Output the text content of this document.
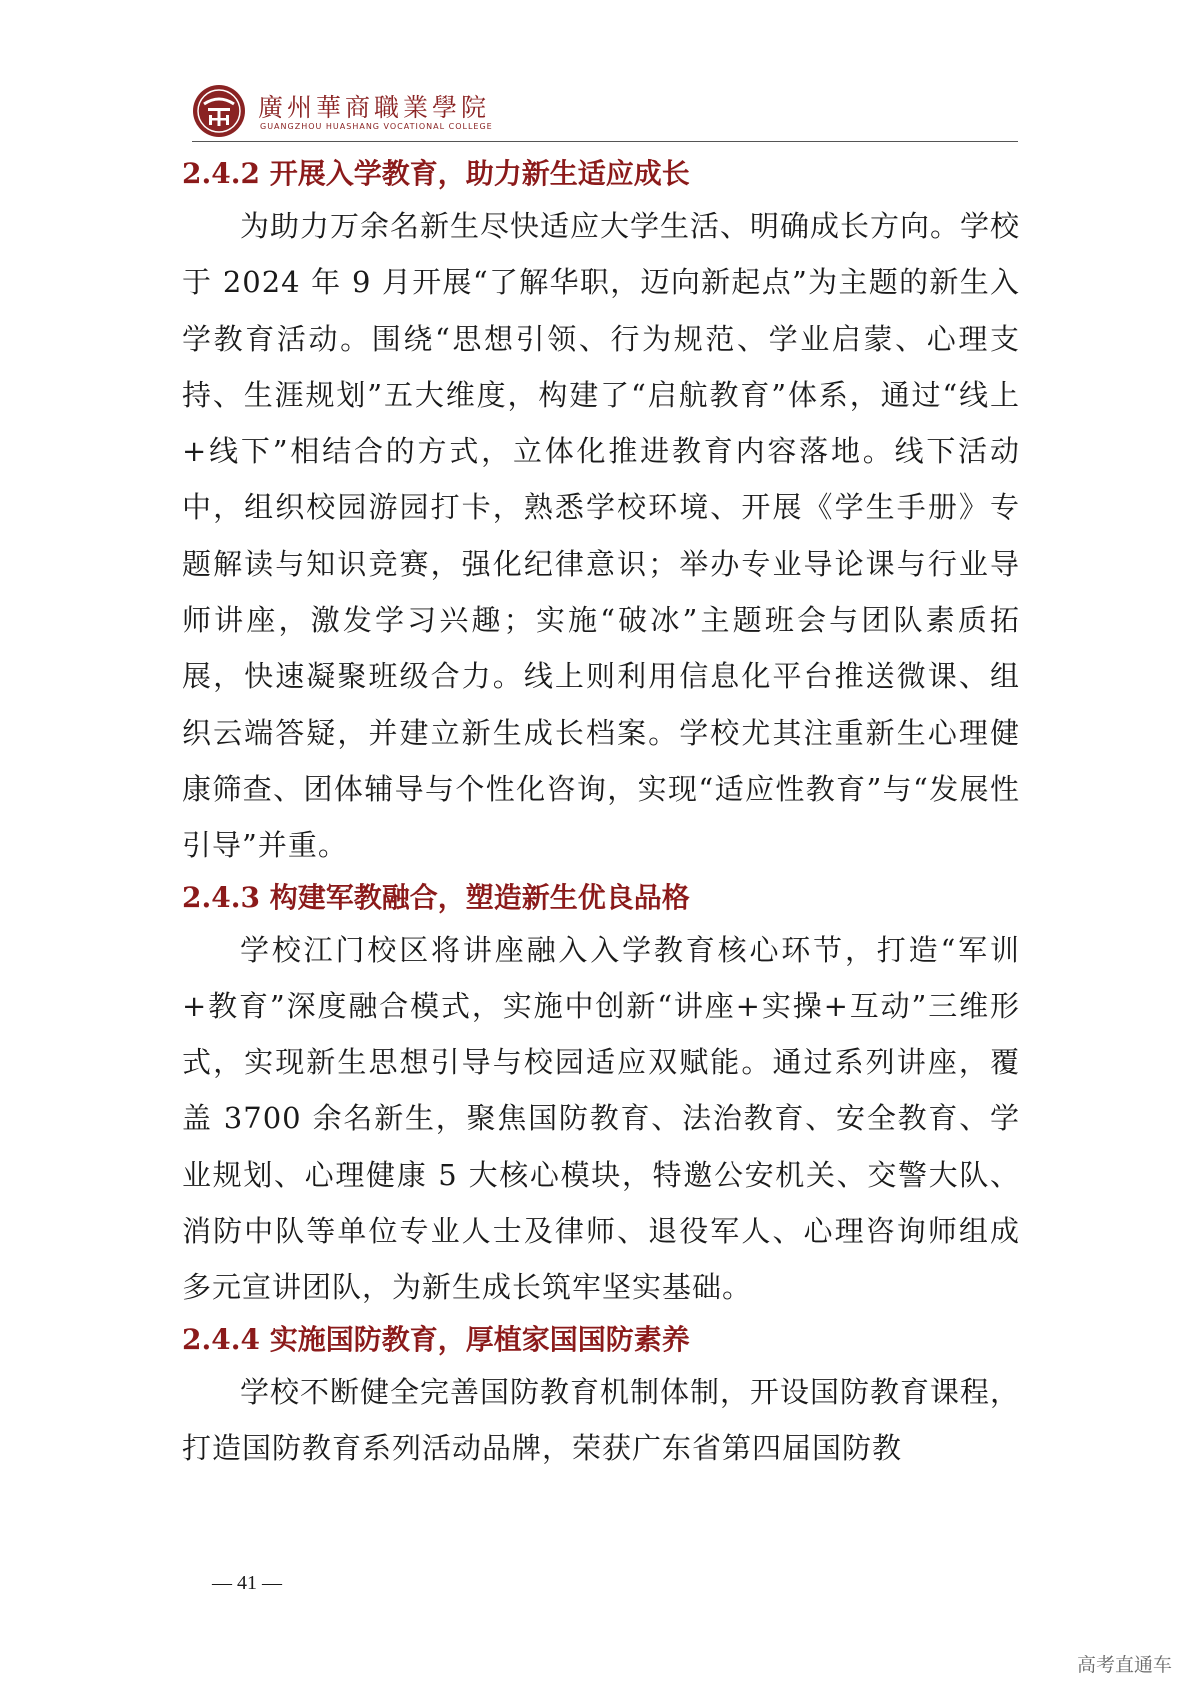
廣州華商職業學院
GUANGZHOU HUASHANG VOCATIONAL COLLEGE
2.4.2 开展入学教育，助力新生适应成长

为助力万余名新生尽快适应大学生活、明确成长方向。学校于 2024 年 9 月开展“了解华职，迈向新起点”为主题的新生入学教育活动。围绕“思想引领、行为规范、学业启蒙、心理支持、生涯规划”五大维度，构建了“启航教育”体系，通过“线上+线下”相结合的方式，立体化推进教育内容落地。线下活动中，组织校园游园打卡，熟悉学校环境、开展《学生手册》专题解读与知识竞赛，强化纪律意识；举办专业导论课与行业导师讲座，激发学习兴趣；实施“破冰”主题班会与团队素质拓展，快速凝聚班级合力。线上则利用信息化平台推送微课、组织云端答疑，并建立新生成长档案。学校尤其注重新生心理健康筛查、团体辅导与个性化咨询，实现“适应性教育”与“发展性引导”并重。

2.4.3 构建军教融合，塑造新生优良品格

学校江门校区将讲座融入入学教育核心环节，打造“军训+教育”深度融合模式，实施中创新“讲座+实操+互动”三维形式，实现新生思想引导与校园适应双赋能。通过系列讲座，覆盖 3700 余名新生，聚焦国防教育、法治教育、安全教育、学业规划、心理健康 5 大核心模块，特邀公安机关、交警大队、消防中队等单位专业人士及律师、退役军人、心理咨询师组成多元宣讲团队，为新生成长筑牢坚实基础。

2.4.4 实施国防教育，厚植家国国防素养

学校不断健全完善国防教育机制体制，开设国防教育课程，打造国防教育系列活动品牌，荣获广东省第四届国防教

— 41 —
高考直通车
